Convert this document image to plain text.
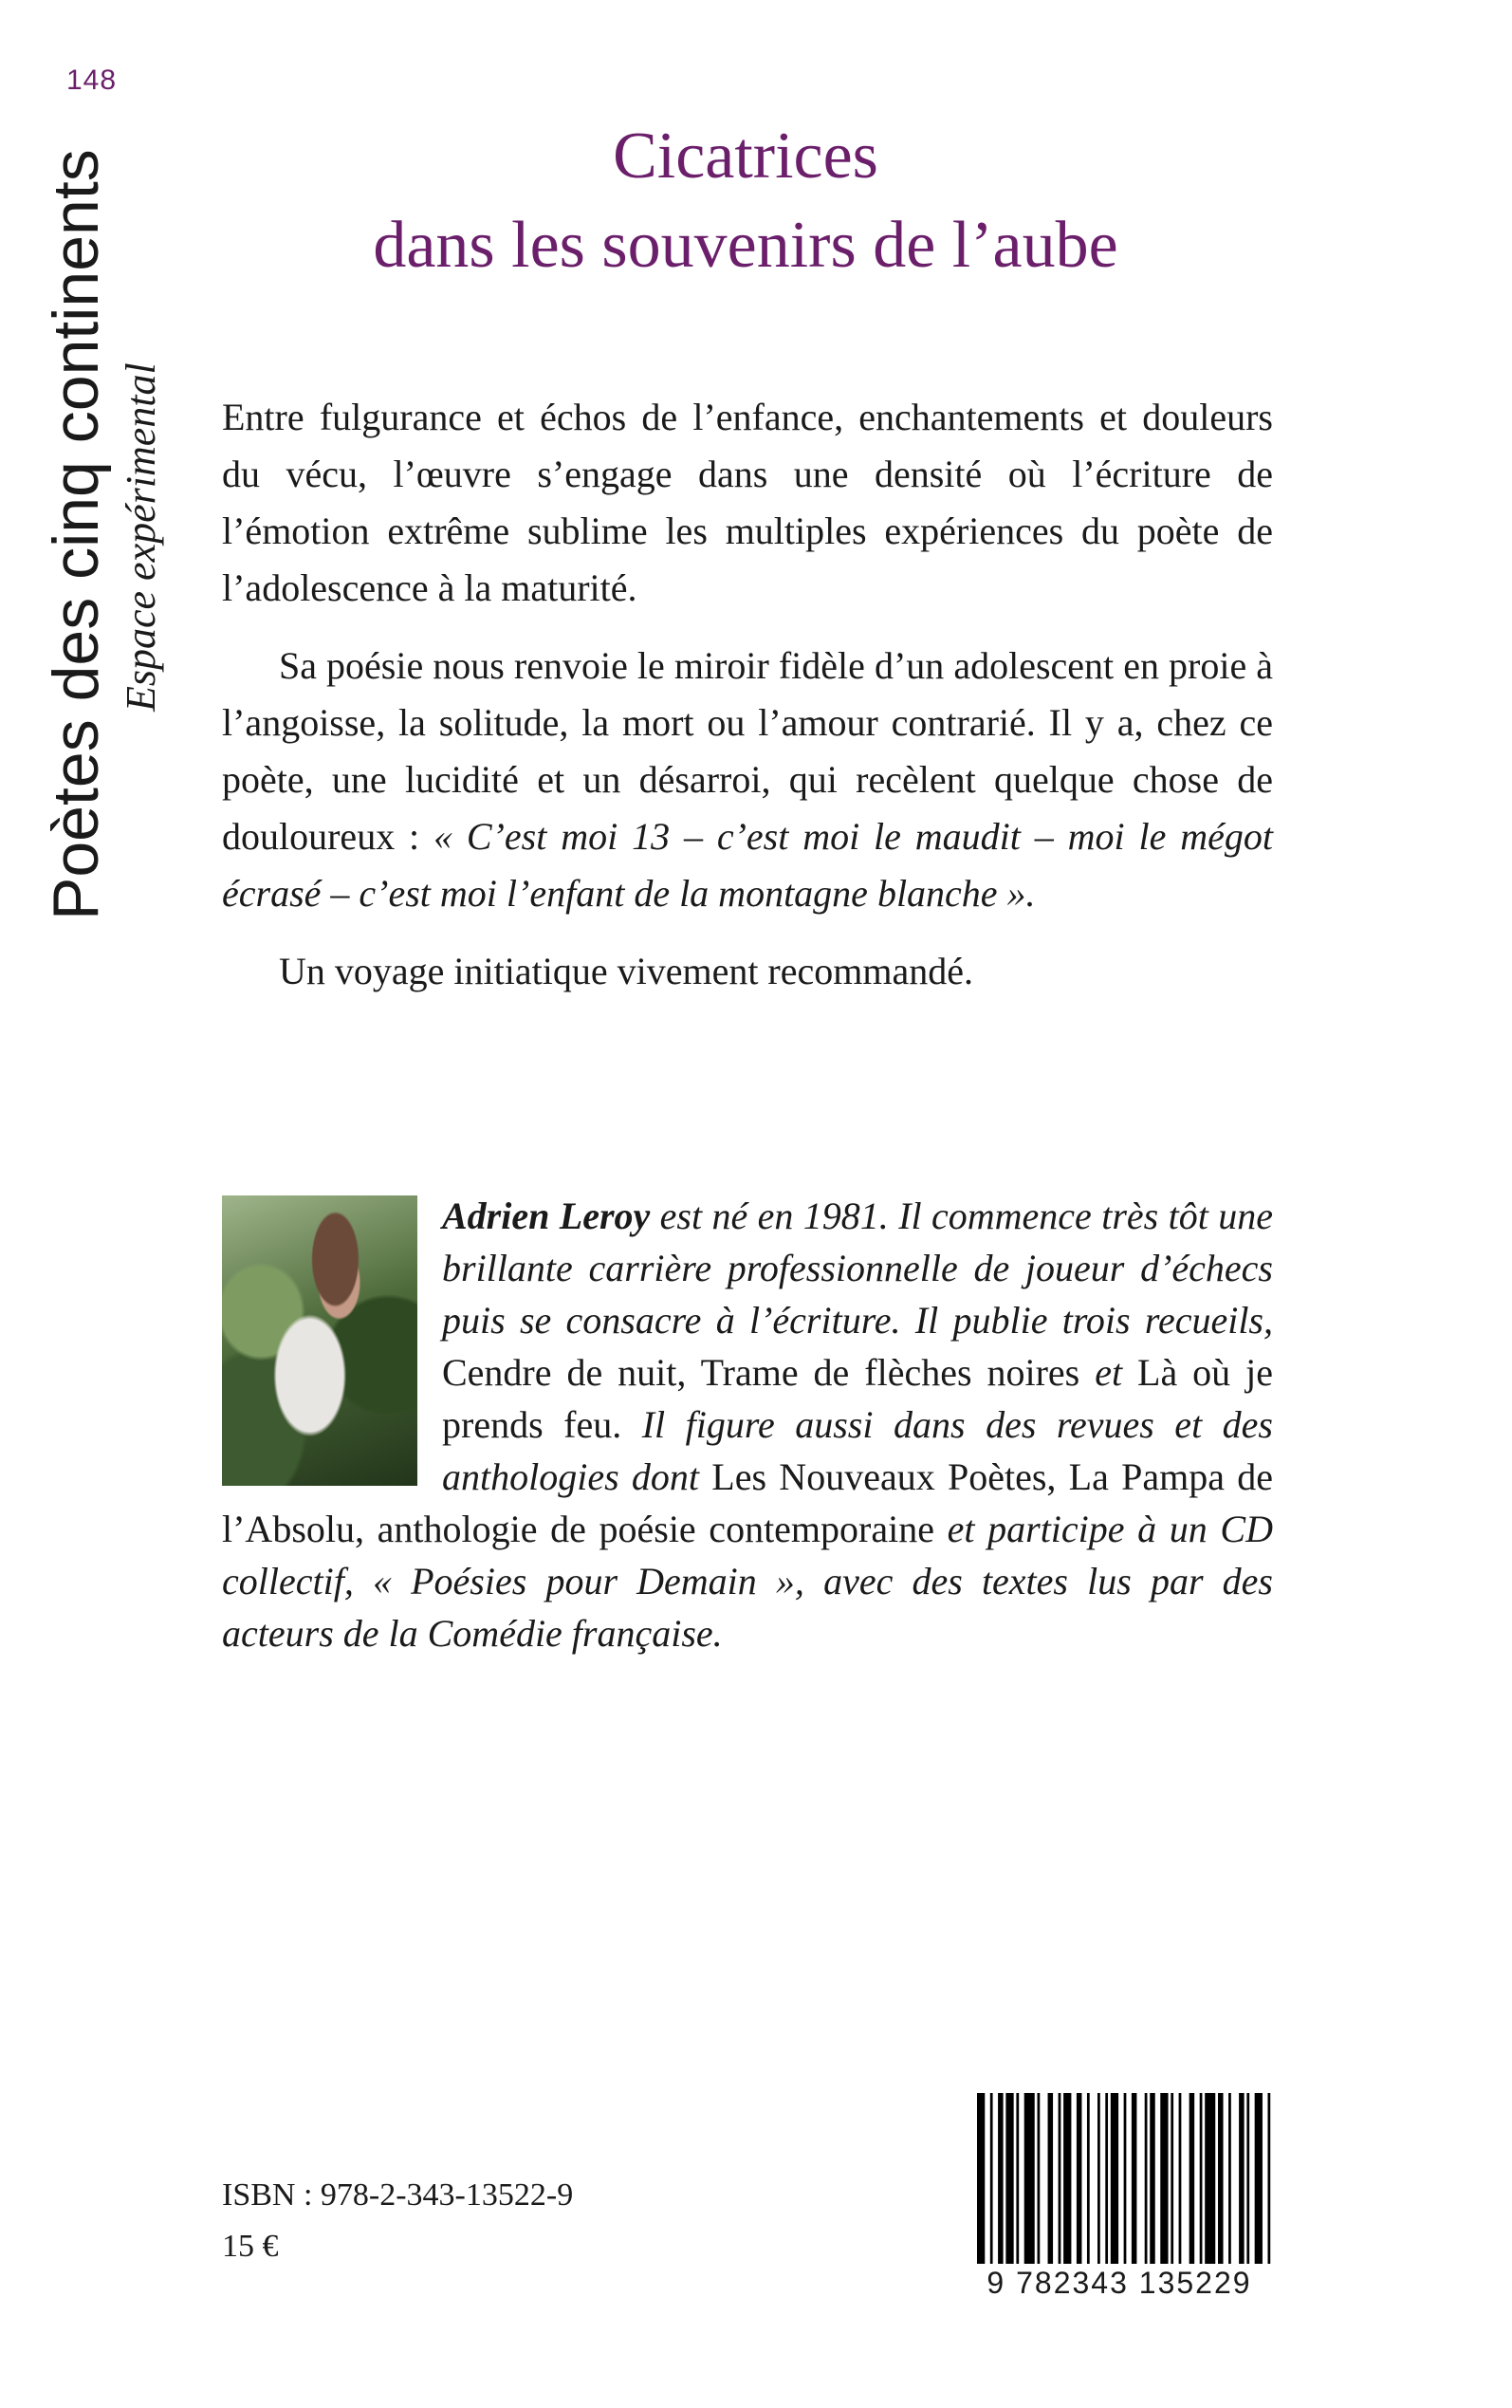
148
Poètes des cinq continents Espace expérimental
Cicatrices
dans les souvenirs de l’aube

Entre fulgurance et échos de l’enfance, enchantements et douleurs du vécu, l’œuvre s’engage dans une densité où l’écriture de l’émotion extrême sublime les multiples expériences du poète de l’adolescence à la maturité.

Sa poésie nous renvoie le miroir fidèle d’un adolescent en proie à l’angoisse, la solitude, la mort ou l’amour contrarié. Il y a, chez ce poète, une lucidité et un désarroi, qui recèlent quelque chose de douloureux : « C’est moi 13 – c’est moi le maudit – moi le mégot écrasé – c’est moi l’enfant de la montagne blanche ».

Un voyage initiatique vivement recommandé.

Adrien Leroy est né en 1981. Il commence très tôt une brillante carrière professionnelle de joueur d’échecs puis se consacre à l’écriture. Il publie trois recueils, Cendre de nuit, Trame de flèches noires et Là où je prends feu. Il figure aussi dans des revues et des anthologies dont Les Nouveaux Poètes, La Pampa de l’Absolu, anthologie de poésie contemporaine et participe à un CD collectif, « Poésies pour Demain », avec des textes lus par des acteurs de la Comédie française.
ISBN : 978-2-343-13522-9
15 €
9 782343 135229
